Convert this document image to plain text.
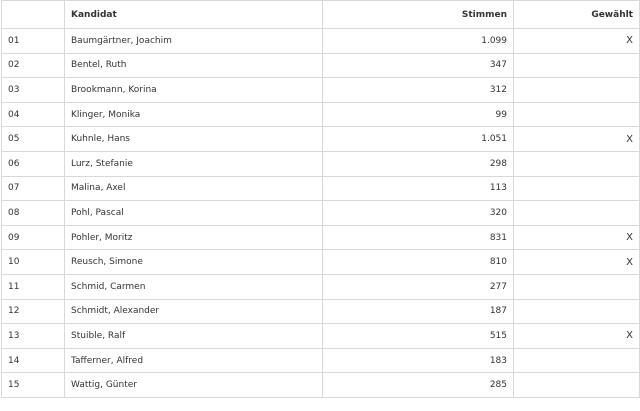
	Kandidat	Stimmen	Gewählt
01	Baumgärtner, Joachim	1.099	X
02	Bentel, Ruth	347	
03	Brookmann, Korina	312	
04	Klinger, Monika	99	
05	Kuhnle, Hans	1.051	X
06	Lurz, Stefanie	298	
07	Malina, Axel	113	
08	Pohl, Pascal	320	
09	Pohler, Moritz	831	X
10	Reusch, Simone	810	X
11	Schmid, Carmen	277	
12	Schmidt, Alexander	187	
13	Stuible, Ralf	515	X
14	Tafferner, Alfred	183	
15	Wattig, Günter	285	
